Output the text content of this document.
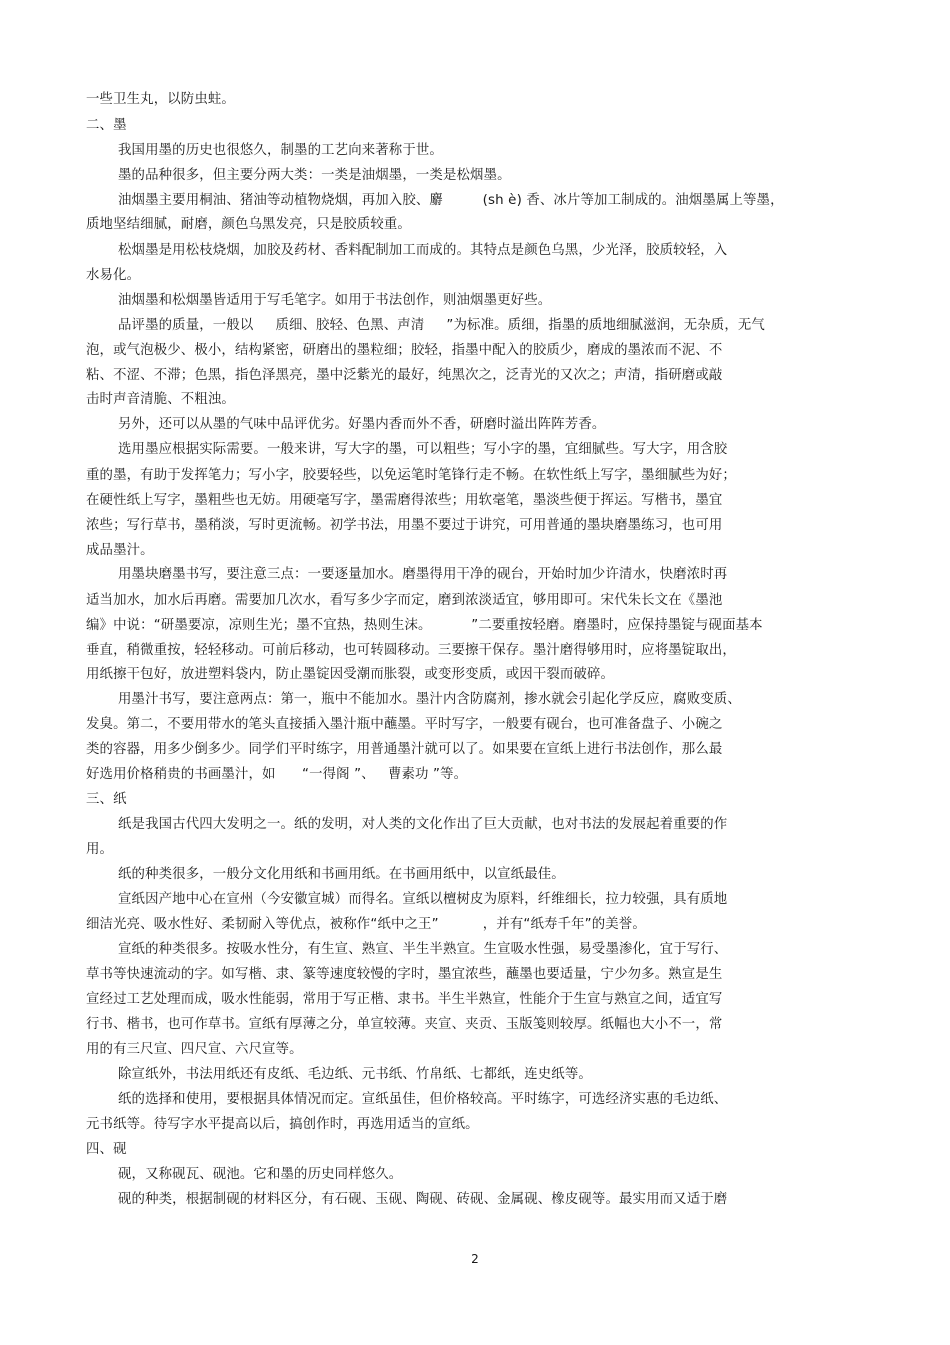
一些卫生丸，以防虫蛀。

二、墨

我国用墨的历史也很悠久，制墨的工艺向来著称于世。

墨的品种很多，但主要分两大类：一类是油烟墨，一类是松烟墨。

油烟墨主要用桐油、猪油等动植物烧烟，再加入胶、麝         (sh è) 香、冰片等加工制成的。油烟墨属上等墨，

质地坚结细腻，耐磨，颜色乌黑发亮，只是胶质较重。

松烟墨是用松枝烧烟，加胶及药材、香料配制加工而成的。其特点是颜色乌黑，少光泽，胶质较轻，入

水易化。

油烟墨和松烟墨皆适用于写毛笔字。如用于书法创作，则油烟墨更好些。

品评墨的质量，一般以     质细、胶轻、色黑、声清     ”为标准。质细，指墨的质地细腻滋润，无杂质，无气

泡，或气泡极少、极小，结构紧密，研磨出的墨粒细；胶轻，指墨中配入的胶质少，磨成的墨浓而不泥、不

粘、不涩、不滞；色黑，指色泽黑亮，墨中泛紫光的最好，纯黑次之，泛青光的又次之；声清，指研磨或敲

击时声音清脆、不粗浊。

另外，还可以从墨的气味中品评优劣。好墨内香而外不香，研磨时溢出阵阵芳香。

选用墨应根据实际需要。一般来讲，写大字的墨，可以粗些；写小字的墨，宜细腻些。写大字，用含胶

重的墨，有助于发挥笔力；写小字，胶要轻些，以免运笔时笔锋行走不畅。在软性纸上写字，墨细腻些为好；

在硬性纸上写字，墨粗些也无妨。用硬毫写字，墨需磨得浓些；用软毫笔，墨淡些便于挥运。写楷书，墨宜

浓些；写行草书，墨稍淡，写时更流畅。初学书法，用墨不要过于讲究，可用普通的墨块磨墨练习，也可用

成品墨汁。

用墨块磨墨书写，要注意三点：一要逐量加水。磨墨得用干净的砚台，开始时加少许清水，快磨浓时再

适当加水，加水后再磨。需要加几次水，看写多少字而定，磨到浓淡适宜，够用即可。宋代朱长文在《墨池

编》中说：“研墨要凉，凉则生光；墨不宜热，热则生沫。         ”二要重按轻磨。磨墨时，应保持墨锭与砚面基本

垂直，稍微重按，轻轻移动。可前后移动，也可转圆移动。三要擦干保存。墨汁磨得够用时，应将墨锭取出，

用纸擦干包好，放进塑料袋内，防止墨锭因受潮而胀裂，或变形变质，或因干裂而破碎。

用墨汁书写，要注意两点：第一，瓶中不能加水。墨汁内含防腐剂，掺水就会引起化学反应，腐败变质、

发臭。第二，不要用带水的笔头直接插入墨汁瓶中蘸墨。平时写字，一般要有砚台，也可准备盘子、小碗之

类的容器，用多少倒多少。同学们平时练字，用普通墨汁就可以了。如果要在宣纸上进行书法创作，那么最

好选用价格稍贵的书画墨汁，如      “一得阁 ”、   曹素功 ”等。

三、纸

纸是我国古代四大发明之一。纸的发明，对人类的文化作出了巨大贡献，也对书法的发展起着重要的作

用。

纸的种类很多，一般分文化用纸和书画用纸。在书画用纸中，以宣纸最佳。

宣纸因产地中心在宣州（今安徽宣城）而得名。宣纸以檀树皮为原料，纤维细长，拉力较强，具有质地

细洁光亮、吸水性好、柔韧耐入等优点，被称作“纸中之王”          ，并有“纸寿千年”的美誉。

宣纸的种类很多。按吸水性分，有生宣、熟宣、半生半熟宣。生宣吸水性强，易受墨渗化，宜于写行、

草书等快速流动的字。如写楷、隶、篆等速度较慢的字时，墨宜浓些，蘸墨也要适量，宁少勿多。熟宣是生

宣经过工艺处理而成，吸水性能弱，常用于写正楷、隶书。半生半熟宣，性能介于生宣与熟宣之间，适宜写

行书、楷书，也可作草书。宣纸有厚薄之分，单宣较薄。夹宣、夹贡、玉版笺则较厚。纸幅也大小不一，常

用的有三尺宣、四尺宣、六尺宣等。

除宣纸外，书法用纸还有皮纸、毛边纸、元书纸、竹帛纸、七都纸，连史纸等。

纸的选择和使用，要根据具体情况而定。宣纸虽佳，但价格较高。平时练字，可选经济实惠的毛边纸、

元书纸等。待写字水平提高以后，搞创作时，再选用适当的宣纸。

四、砚

砚，又称砚瓦、砚池。它和墨的历史同样悠久。

砚的种类，根据制砚的材料区分，有石砚、玉砚、陶砚、砖砚、金属砚、橡皮砚等。最实用而又适于磨

2
